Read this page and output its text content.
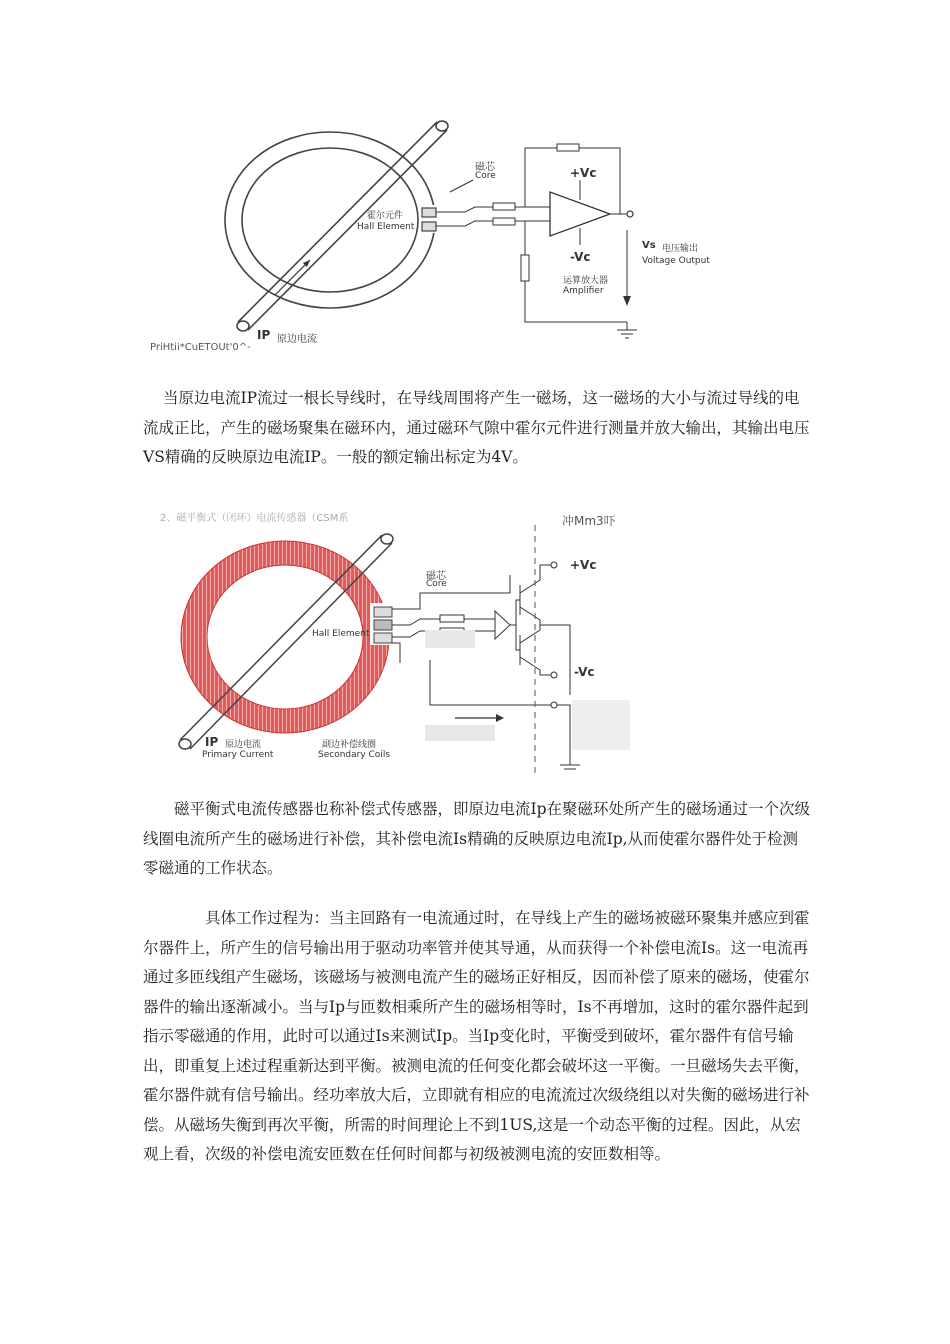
磁芯
Core
霍尔元件
Hall Element
+Vc
-Vc
运算放大器
Amplifier
Vs
IP 原边电流
电压输出
Voltage Output
PriHtii*CuETOUt'0^-

当原边电流IP流过一根长导线时，在导线周围将产生一磁场，这一磁场的大小与流过导线的电流成正比，产生的磁场聚集在磁环内，通过磁环气隙中霍尔元件进行测量并放大输出，其输出电压VS精确的反映原边电流IP。一般的额定输出标定为4V。

2、磁平衡式（闭环）电流传感器（CSM系	冲Mm3吓
磁芯
Core
Hall Element
+Vc
-Vc
IP 原边电流
Primary Current
副边补偿线圈
Secondary Coils

磁平衡式电流传感器也称补偿式传感器，即原边电流Ip在聚磁环处所产生的磁场通过一个次级线圈电流所产生的磁场进行补偿，其补偿电流Is精确的反映原边电流Ip,从而使霍尔器件处于检测零磁通的工作状态。

具体工作过程为：当主回路有一电流通过时，在导线上产生的磁场被磁环聚集并感应到霍尔器件上，所产生的信号输出用于驱动功率管并使其导通，从而获得一个补偿电流Is。这一电流再通过多匝线组产生磁场，该磁场与被测电流产生的磁场正好相反，因而补偿了原来的磁场，使霍尔器件的输出逐渐减小。当与Ip与匝数相乘所产生的磁场相等时，Is不再增加，这时的霍尔器件起到指示零磁通的作用，此时可以通过Is来测试Ip。当Ip变化时，平衡受到破坏，霍尔器件有信号输出，即重复上述过程重新达到平衡。被测电流的任何变化都会破坏这一平衡。一旦磁场失去平衡，霍尔器件就有信号输出。经功率放大后，立即就有相应的电流流过次级绕组以对失衡的磁场进行补偿。从磁场失衡到再次平衡，所需的时间理论上不到1US,这是一个动态平衡的过程。因此，从宏观上看，次级的补偿电流安匝数在任何时间都与初级被测电流的安匝数相等。
